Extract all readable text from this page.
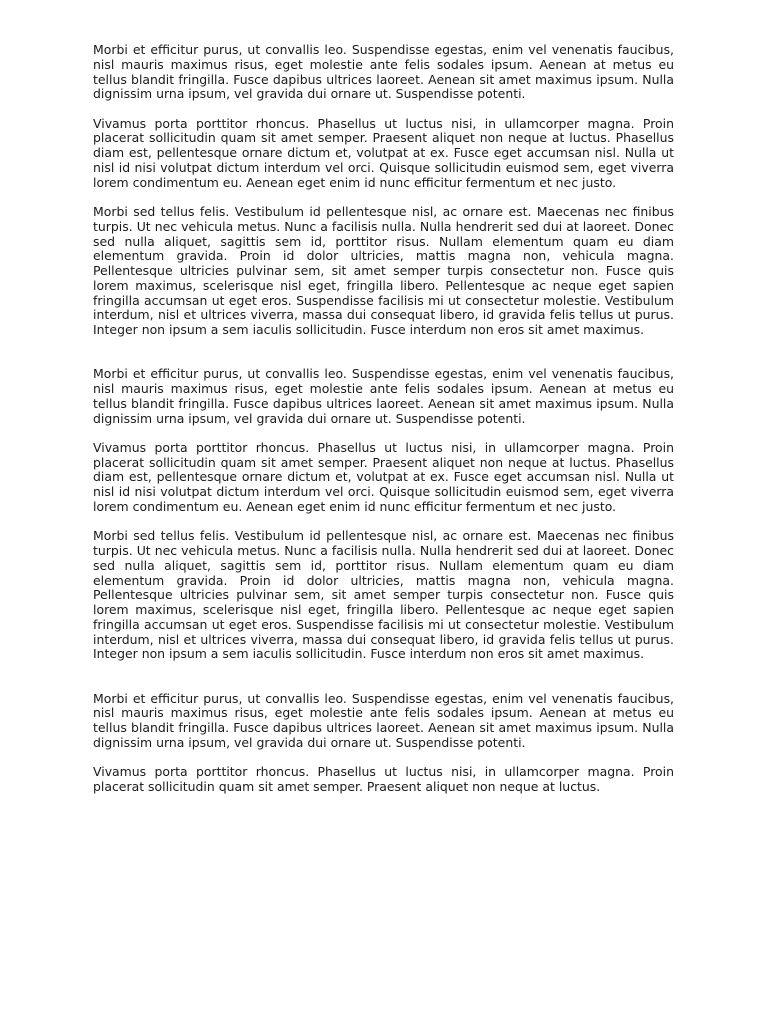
Morbi et efficitur purus, ut convallis leo. Suspendisse egestas, enim vel venenatis faucibus, nisl mauris maximus risus, eget molestie ante felis sodales ipsum. Aenean at metus eu tellus blandit fringilla. Fusce dapibus ultrices laoreet. Aenean sit amet maximus ipsum. Nulla dignissim urna ipsum, vel gravida dui ornare ut. Suspendisse potenti.

Vivamus porta porttitor rhoncus. Phasellus ut luctus nisi, in ullamcorper magna. Proin placerat sollicitudin quam sit amet semper. Praesent aliquet non neque at luctus. Phasellus diam est, pellentesque ornare dictum et, volutpat at ex. Fusce eget accumsan nisl. Nulla ut nisl id nisi volutpat dictum interdum vel orci. Quisque sollicitudin euismod sem, eget viverra lorem condimentum eu. Aenean eget enim id nunc efficitur fermentum et nec justo.

Morbi sed tellus felis. Vestibulum id pellentesque nisl, ac ornare est. Maecenas nec finibus turpis. Ut nec vehicula metus. Nunc a facilisis nulla. Nulla hendrerit sed dui at laoreet. Donec sed nulla aliquet, sagittis sem id, porttitor risus. Nullam elementum quam eu diam elementum gravida. Proin id dolor ultricies, mattis magna non, vehicula magna. Pellentesque ultricies pulvinar sem, sit amet semper turpis consectetur non. Fusce quis lorem maximus, scelerisque nisl eget, fringilla libero. Pellentesque ac neque eget sapien fringilla accumsan ut eget eros. Suspendisse facilisis mi ut consectetur molestie. Vestibulum interdum, nisl et ultrices viverra, massa dui consequat libero, id gravida felis tellus ut purus. Integer non ipsum a sem iaculis sollicitudin. Fusce interdum non eros sit amet maximus.

Morbi et efficitur purus, ut convallis leo. Suspendisse egestas, enim vel venenatis faucibus, nisl mauris maximus risus, eget molestie ante felis sodales ipsum. Aenean at metus eu tellus blandit fringilla. Fusce dapibus ultrices laoreet. Aenean sit amet maximus ipsum. Nulla dignissim urna ipsum, vel gravida dui ornare ut. Suspendisse potenti.

Vivamus porta porttitor rhoncus. Phasellus ut luctus nisi, in ullamcorper magna. Proin placerat sollicitudin quam sit amet semper. Praesent aliquet non neque at luctus. Phasellus diam est, pellentesque ornare dictum et, volutpat at ex. Fusce eget accumsan nisl. Nulla ut nisl id nisi volutpat dictum interdum vel orci. Quisque sollicitudin euismod sem, eget viverra lorem condimentum eu. Aenean eget enim id nunc efficitur fermentum et nec justo.

Morbi sed tellus felis. Vestibulum id pellentesque nisl, ac ornare est. Maecenas nec finibus turpis. Ut nec vehicula metus. Nunc a facilisis nulla. Nulla hendrerit sed dui at laoreet. Donec sed nulla aliquet, sagittis sem id, porttitor risus. Nullam elementum quam eu diam elementum gravida. Proin id dolor ultricies, mattis magna non, vehicula magna. Pellentesque ultricies pulvinar sem, sit amet semper turpis consectetur non. Fusce quis lorem maximus, scelerisque nisl eget, fringilla libero. Pellentesque ac neque eget sapien fringilla accumsan ut eget eros. Suspendisse facilisis mi ut consectetur molestie. Vestibulum interdum, nisl et ultrices viverra, massa dui consequat libero, id gravida felis tellus ut purus. Integer non ipsum a sem iaculis sollicitudin. Fusce interdum non eros sit amet maximus.

Morbi et efficitur purus, ut convallis leo. Suspendisse egestas, enim vel venenatis faucibus, nisl mauris maximus risus, eget molestie ante felis sodales ipsum. Aenean at metus eu tellus blandit fringilla. Fusce dapibus ultrices laoreet. Aenean sit amet maximus ipsum. Nulla dignissim urna ipsum, vel gravida dui ornare ut. Suspendisse potenti.

Vivamus porta porttitor rhoncus. Phasellus ut luctus nisi, in ullamcorper magna. Proin placerat sollicitudin quam sit amet semper. Praesent aliquet non neque at luctus.
